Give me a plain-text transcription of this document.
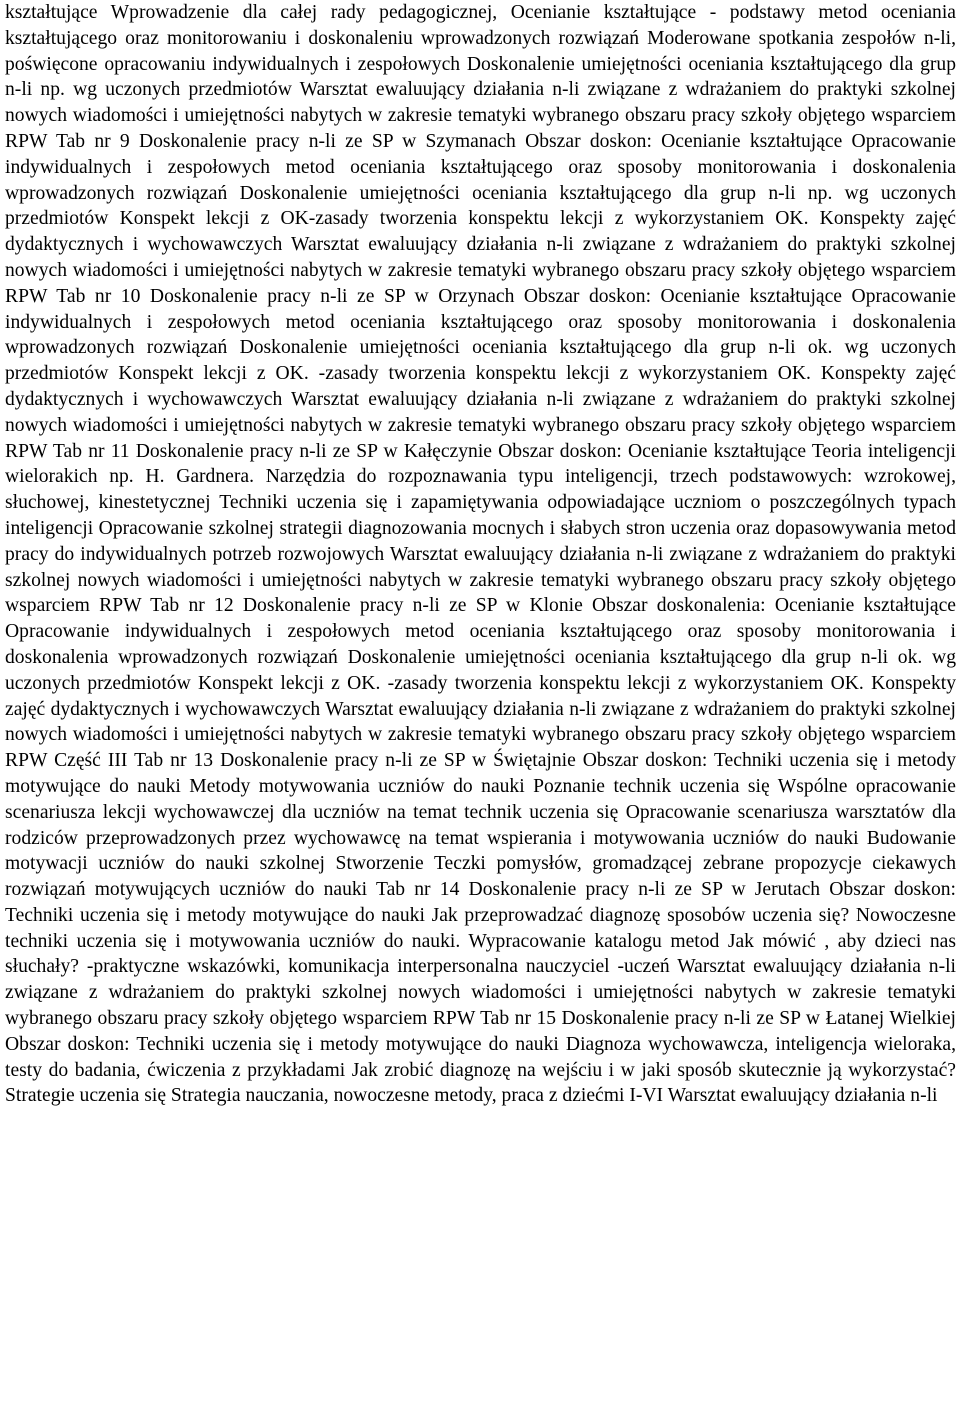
kształtujące Wprowadzenie dla całej rady pedagogicznej, Ocenianie kształtujące - podstawy metod oceniania kształtującego oraz monitorowaniu i doskonaleniu wprowadzonych rozwiązań Moderowane spotkania zespołów n-li, poświęcone opracowaniu indywidualnych i zespołowych Doskonalenie umiejętności oceniania kształtującego dla grup n-li np. wg uczonych przedmiotów Warsztat ewaluujący działania n-li związane z wdrażaniem do praktyki szkolnej nowych wiadomości i umiejętności nabytych w zakresie tematyki wybranego obszaru pracy szkoły objętego wsparciem RPW Tab nr 9 Doskonalenie pracy n-li ze SP w Szymanach Obszar doskon: Ocenianie kształtujące Opracowanie indywidualnych i zespołowych metod oceniania kształtującego oraz sposoby monitorowania i doskonalenia wprowadzonych rozwiązań Doskonalenie umiejętności oceniania kształtującego dla grup n-li np. wg uczonych przedmiotów Konspekt lekcji z OK-zasady tworzenia konspektu lekcji z wykorzystaniem OK. Konspekty zajęć dydaktycznych i wychowawczych Warsztat ewaluujący działania n-li związane z wdrażaniem do praktyki szkolnej nowych wiadomości i umiejętności nabytych w zakresie tematyki wybranego obszaru pracy szkoły objętego wsparciem RPW Tab nr 10 Doskonalenie pracy n-li ze SP w Orzynach Obszar doskon: Ocenianie kształtujące Opracowanie indywidualnych i zespołowych metod oceniania kształtującego oraz sposoby monitorowania i doskonalenia wprowadzonych rozwiązań Doskonalenie umiejętności oceniania kształtującego dla grup n-li ok. wg uczonych przedmiotów Konspekt lekcji z OK. -zasady tworzenia konspektu lekcji z wykorzystaniem OK. Konspekty zajęć dydaktycznych i wychowawczych Warsztat ewaluujący działania n-li związane z wdrażaniem do praktyki szkolnej nowych wiadomości i umiejętności nabytych w zakresie tematyki wybranego obszaru pracy szkoły objętego wsparciem RPW Tab nr 11 Doskonalenie pracy n-li ze SP w Kałęczynie Obszar doskon: Ocenianie kształtujące Teoria inteligencji wielorakich np. H. Gardnera. Narzędzia do rozpoznawania typu inteligencji, trzech podstawowych: wzrokowej, słuchowej, kinestetycznej Techniki uczenia się i zapamiętywania odpowiadające uczniom o poszczególnych typach inteligencji Opracowanie szkolnej strategii diagnozowania mocnych i słabych stron uczenia oraz dopasowywania metod pracy do indywidualnych potrzeb rozwojowych Warsztat ewaluujący działania n-li związane z wdrażaniem do praktyki szkolnej nowych wiadomości i umiejętności nabytych w zakresie tematyki wybranego obszaru pracy szkoły objętego wsparciem RPW Tab nr 12 Doskonalenie pracy n-li ze SP w Klonie Obszar doskonalenia: Ocenianie kształtujące Opracowanie indywidualnych i zespołowych metod oceniania kształtującego oraz sposoby monitorowania i doskonalenia wprowadzonych rozwiązań Doskonalenie umiejętności oceniania kształtującego dla grup n-li ok. wg uczonych przedmiotów Konspekt lekcji z OK. -zasady tworzenia konspektu lekcji z wykorzystaniem OK. Konspekty zajęć dydaktycznych i wychowawczych Warsztat ewaluujący działania n-li związane z wdrażaniem do praktyki szkolnej nowych wiadomości i umiejętności nabytych w zakresie tematyki wybranego obszaru pracy szkoły objętego wsparciem RPW Część III Tab nr 13 Doskonalenie pracy n-li ze SP w Świętajnie Obszar doskon: Techniki uczenia się i metody motywujące do nauki Metody motywowania uczniów do nauki Poznanie technik uczenia się Wspólne opracowanie scenariusza lekcji wychowawczej dla uczniów na temat technik uczenia się Opracowanie scenariusza warsztatów dla rodziców przeprowadzonych przez wychowawcę na temat wspierania i motywowania uczniów do nauki Budowanie motywacji uczniów do nauki szkolnej Stworzenie Teczki pomysłów, gromadzącej zebrane propozycje ciekawych rozwiązań motywujących uczniów do nauki Tab nr 14 Doskonalenie pracy n-li ze SP w Jerutach Obszar doskon: Techniki uczenia się i metody motywujące do nauki Jak przeprowadzać diagnozę sposobów uczenia się? Nowoczesne techniki uczenia się i motywowania uczniów do nauki. Wypracowanie katalogu metod Jak mówić , aby dzieci nas słuchały? -praktyczne wskazówki, komunikacja interpersonalna nauczyciel -uczeń Warsztat ewaluujący działania n-li związane z wdrażaniem do praktyki szkolnej nowych wiadomości i umiejętności nabytych w zakresie tematyki wybranego obszaru pracy szkoły objętego wsparciem RPW Tab nr 15 Doskonalenie pracy n-li ze SP w Łatanej Wielkiej Obszar doskon: Techniki uczenia się i metody motywujące do nauki Diagnoza wychowawcza, inteligencja wieloraka, testy do badania, ćwiczenia z przykładami Jak zrobić diagnozę na wejściu i w jaki sposób skutecznie ją wykorzystać? Strategie uczenia się Strategia nauczania, nowoczesne metody, praca z dziećmi I-VI Warsztat ewaluujący działania n-li
